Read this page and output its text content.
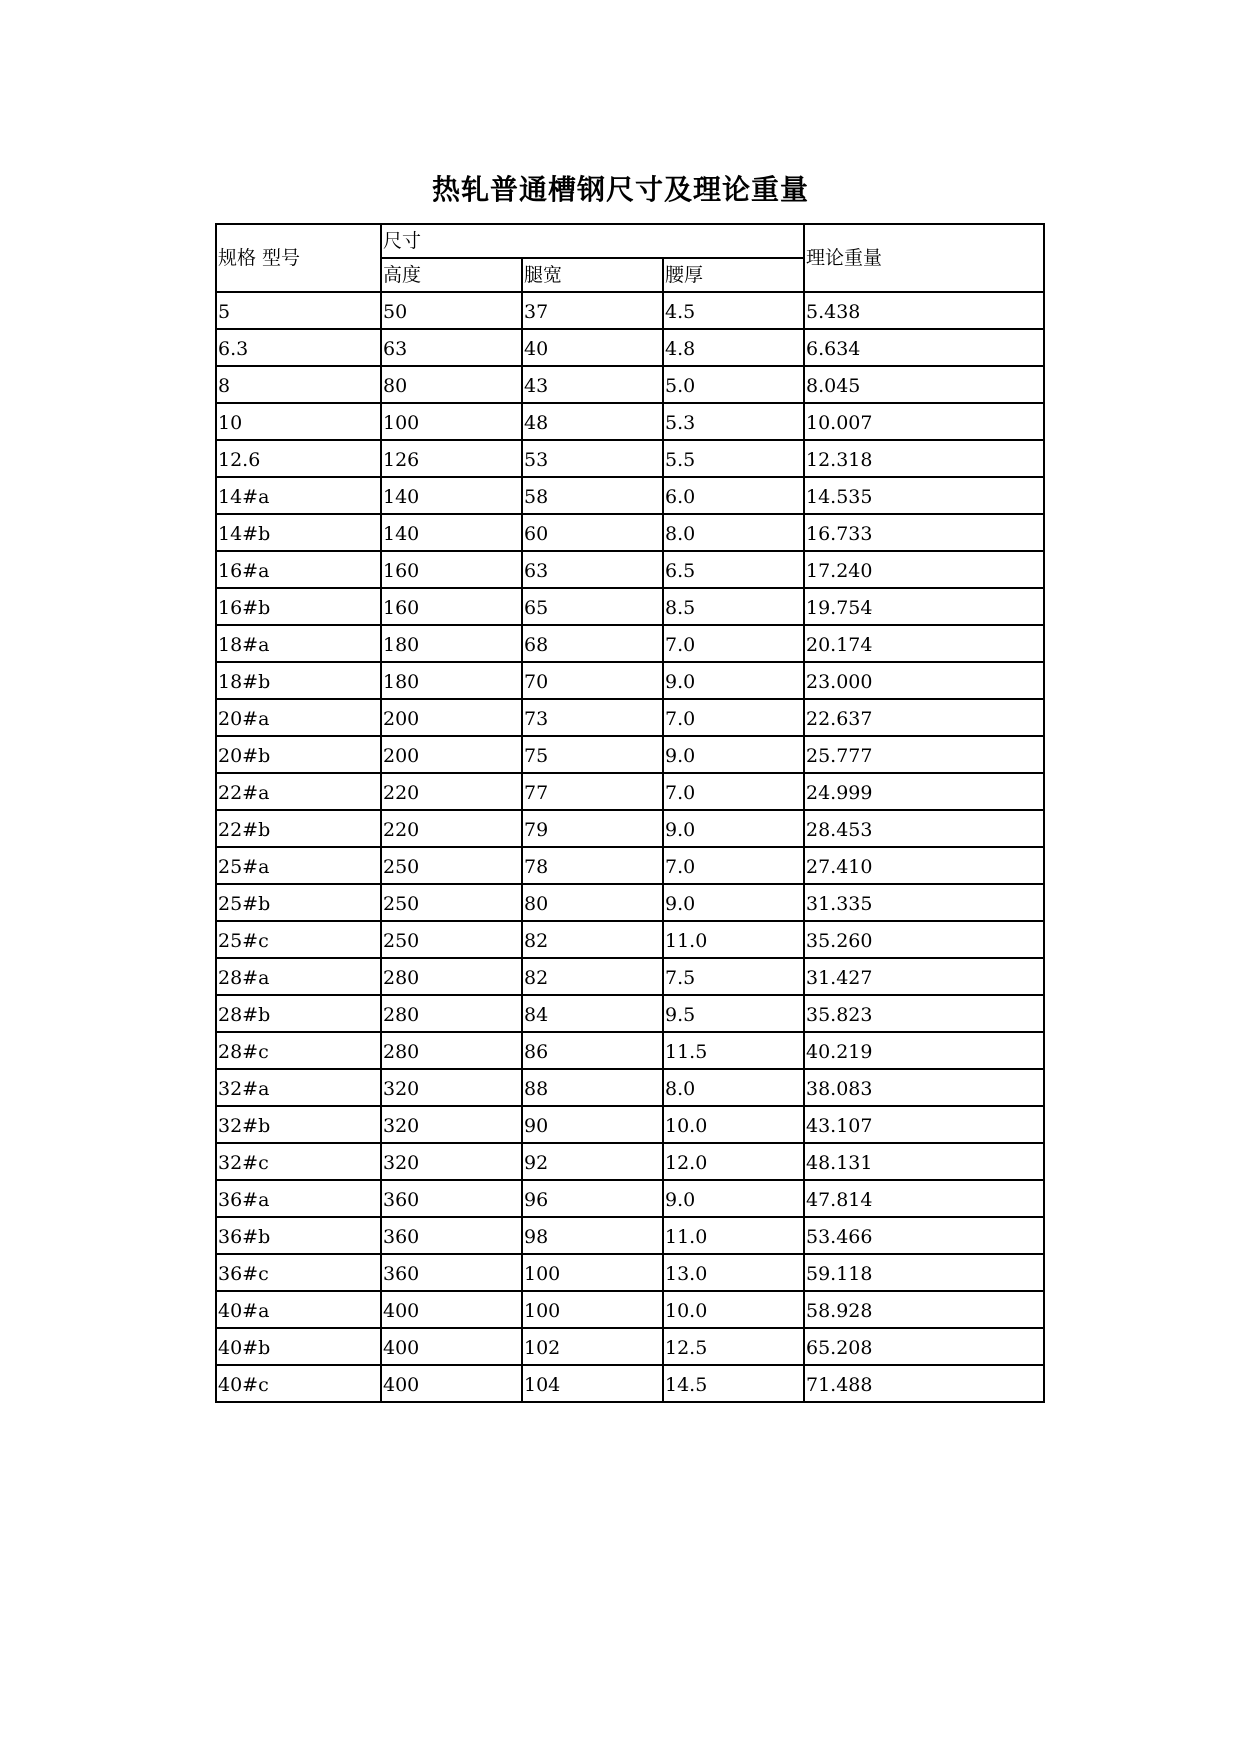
热轧普通槽钢尺寸及理论重量
规格 型号	尺寸			理论重量
	高度	腿宽	腰厚	
5	50	37	4.5	5.438
6.3	63	40	4.8	6.634
8	80	43	5.0	8.045
10	100	48	5.3	10.007
12.6	126	53	5.5	12.318
14#a	140	58	6.0	14.535
14#b	140	60	8.0	16.733
16#a	160	63	6.5	17.240
16#b	160	65	8.5	19.754
18#a	180	68	7.0	20.174
18#b	180	70	9.0	23.000
20#a	200	73	7.0	22.637
20#b	200	75	9.0	25.777
22#a	220	77	7.0	24.999
22#b	220	79	9.0	28.453
25#a	250	78	7.0	27.410
25#b	250	80	9.0	31.335
25#c	250	82	11.0	35.260
28#a	280	82	7.5	31.427
28#b	280	84	9.5	35.823
28#c	280	86	11.5	40.219
32#a	320	88	8.0	38.083
32#b	320	90	10.0	43.107
32#c	320	92	12.0	48.131
36#a	360	96	9.0	47.814
36#b	360	98	11.0	53.466
36#c	360	100	13.0	59.118
40#a	400	100	10.0	58.928
40#b	400	102	12.5	65.208
40#c	400	104	14.5	71.488
